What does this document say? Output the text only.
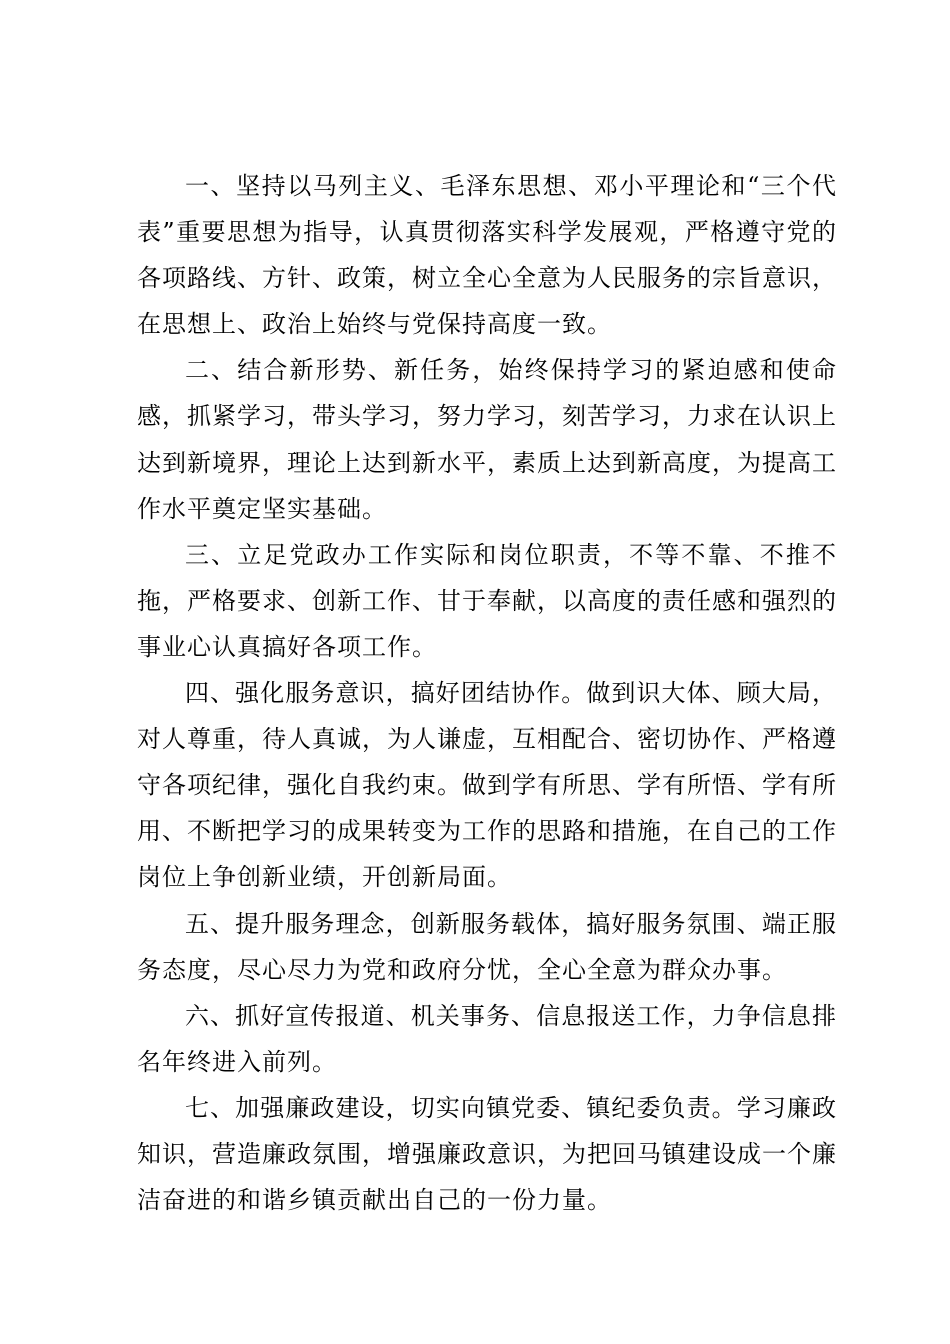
一、坚持以马列主义、毛泽东思想、邓小平理论和“三个代表”重要思想为指导，认真贯彻落实科学发展观，严格遵守党的各项路线、方针、政策，树立全心全意为人民服务的宗旨意识，在思想上、政治上始终与党保持高度一致。

二、结合新形势、新任务，始终保持学习的紧迫感和使命感，抓紧学习，带头学习，努力学习，刻苦学习，力求在认识上达到新境界，理论上达到新水平，素质上达到新高度，为提高工作水平奠定坚实基础。

三、立足党政办工作实际和岗位职责，不等不靠、不推不拖，严格要求、创新工作、甘于奉献，以高度的责任感和强烈的事业心认真搞好各项工作。

四、强化服务意识，搞好团结协作。做到识大体、顾大局，对人尊重，待人真诚，为人谦虚，互相配合、密切协作、严格遵守各项纪律，强化自我约束。做到学有所思、学有所悟、学有所用、不断把学习的成果转变为工作的思路和措施，在自己的工作岗位上争创新业绩，开创新局面。

五、提升服务理念，创新服务载体，搞好服务氛围、端正服务态度，尽心尽力为党和政府分忧，全心全意为群众办事。

六、抓好宣传报道、机关事务、信息报送工作，力争信息排名年终进入前列。

七、加强廉政建设，切实向镇党委、镇纪委负责。学习廉政知识，营造廉政氛围，增强廉政意识，为把回马镇建设成一个廉洁奋进的和谐乡镇贡献出自己的一份力量。
